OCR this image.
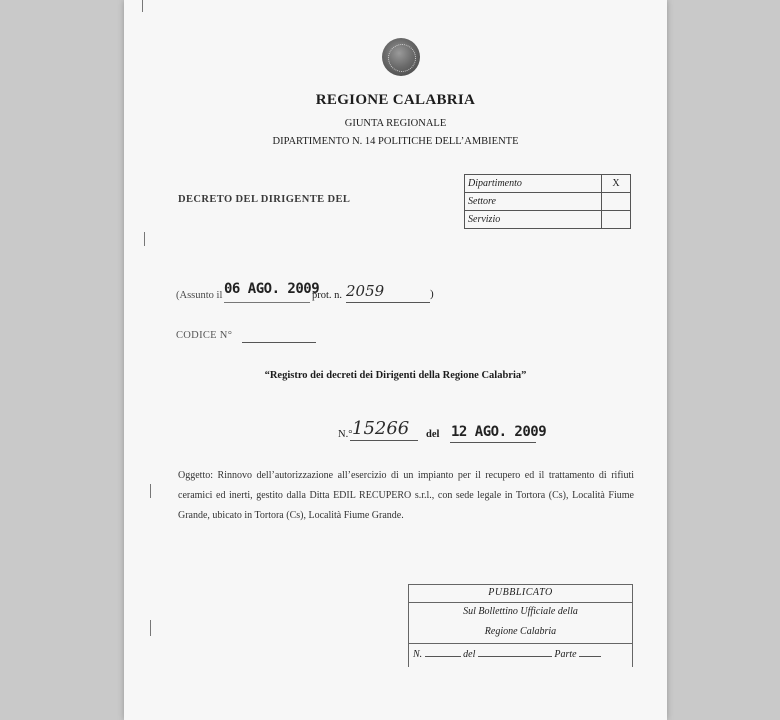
REGIONE CALABRIA
GIUNTA REGIONALE
DIPARTIMENTO N. 14 POLITICHE DELL’AMBIENTE
DECRETO DEL DIRIGENTE DEL
Dipartimento	X
Settore	
Servizio	
(Assunto il 06 AGO. 2009
prot. n. 2059	)
CODICE N°
“Registro dei decreti dei Dirigenti della Regione Calabria”
N.° 15266 del 12 AGO. 2009
Oggetto: Rinnovo dell’autorizzazione all’esercizio di un impianto per il recupero ed il trattamento di rifiuti ceramici ed inerti, gestito dalla Ditta EDIL RECUPERO s.r.l., con sede legale in Tortora (Cs), Località Fiume Grande, ubicato in Tortora (Cs), Località Fiume Grande.
PUBBLICATO
Sul Bollettino Ufficiale della
Regione Calabria
N.	del	Parte
